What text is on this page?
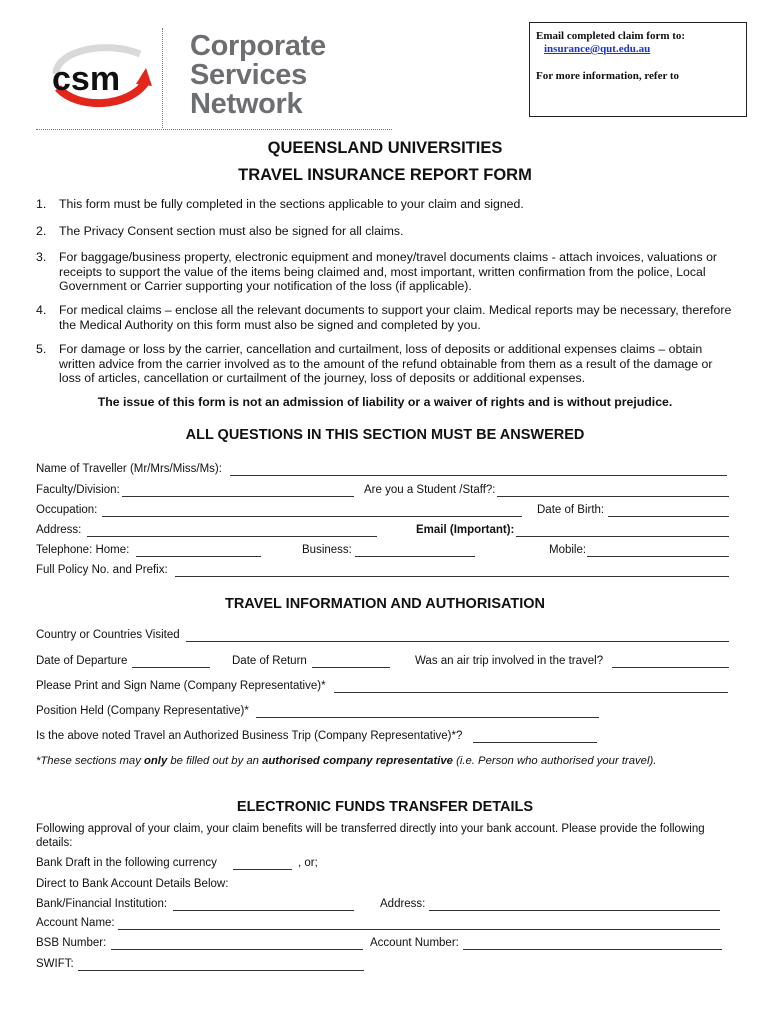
csm
Corporate
Services
Network
Email completed claim form to:
insurance@qut.edu.au
For more information, refer to
QUEENSLAND UNIVERSITIES
TRAVEL INSURANCE REPORT FORM
1. This form must be fully completed in the sections applicable to your claim and signed.
2. The Privacy Consent section must also be signed for all claims.
3. For baggage/business property, electronic equipment and money/travel documents claims - attach invoices, valuations or receipts to support the value of the items being claimed and, most important, written confirmation from the police, Local Government or Carrier supporting your notification of the loss (if applicable).
4. For medical claims – enclose all the relevant documents to support your claim. Medical reports may be necessary, therefore the Medical Authority on this form must also be signed and completed by you.
5. For damage or loss by the carrier, cancellation and curtailment, loss of deposits or additional expenses claims – obtain written advice from the carrier involved as to the amount of the refund obtainable from them as a result of the damage or loss of articles, cancellation or curtailment of the journey, loss of deposits or additional expenses.
The issue of this form is not an admission of liability or a waiver of rights and is without prejudice.
ALL QUESTIONS IN THIS SECTION MUST BE ANSWERED
Name of Traveller (Mr/Mrs/Miss/Ms):
Faculty/Division:	Are you a Student /Staff?:
Occupation:	Date of Birth:
Address:	Email (Important):
Telephone: Home:	Business:	Mobile:
Full Policy No. and Prefix:
TRAVEL INFORMATION AND AUTHORISATION
Country or Countries Visited
Date of Departure	Date of Return	Was an air trip involved in the travel?
Please Print and Sign Name (Company Representative)*
Position Held (Company Representative)*
Is the above noted Travel an Authorized Business Trip (Company Representative)*?
*These sections may only be filled out by an authorised company representative (i.e. Person who authorised your travel).
ELECTRONIC FUNDS TRANSFER DETAILS
Following approval of your claim, your claim benefits will be transferred directly into your bank account. Please provide the following details:
Bank Draft in the following currency	, or;
Direct to Bank Account Details Below:
Bank/Financial Institution:	Address:
Account Name:
BSB Number:	Account Number:
SWIFT:
